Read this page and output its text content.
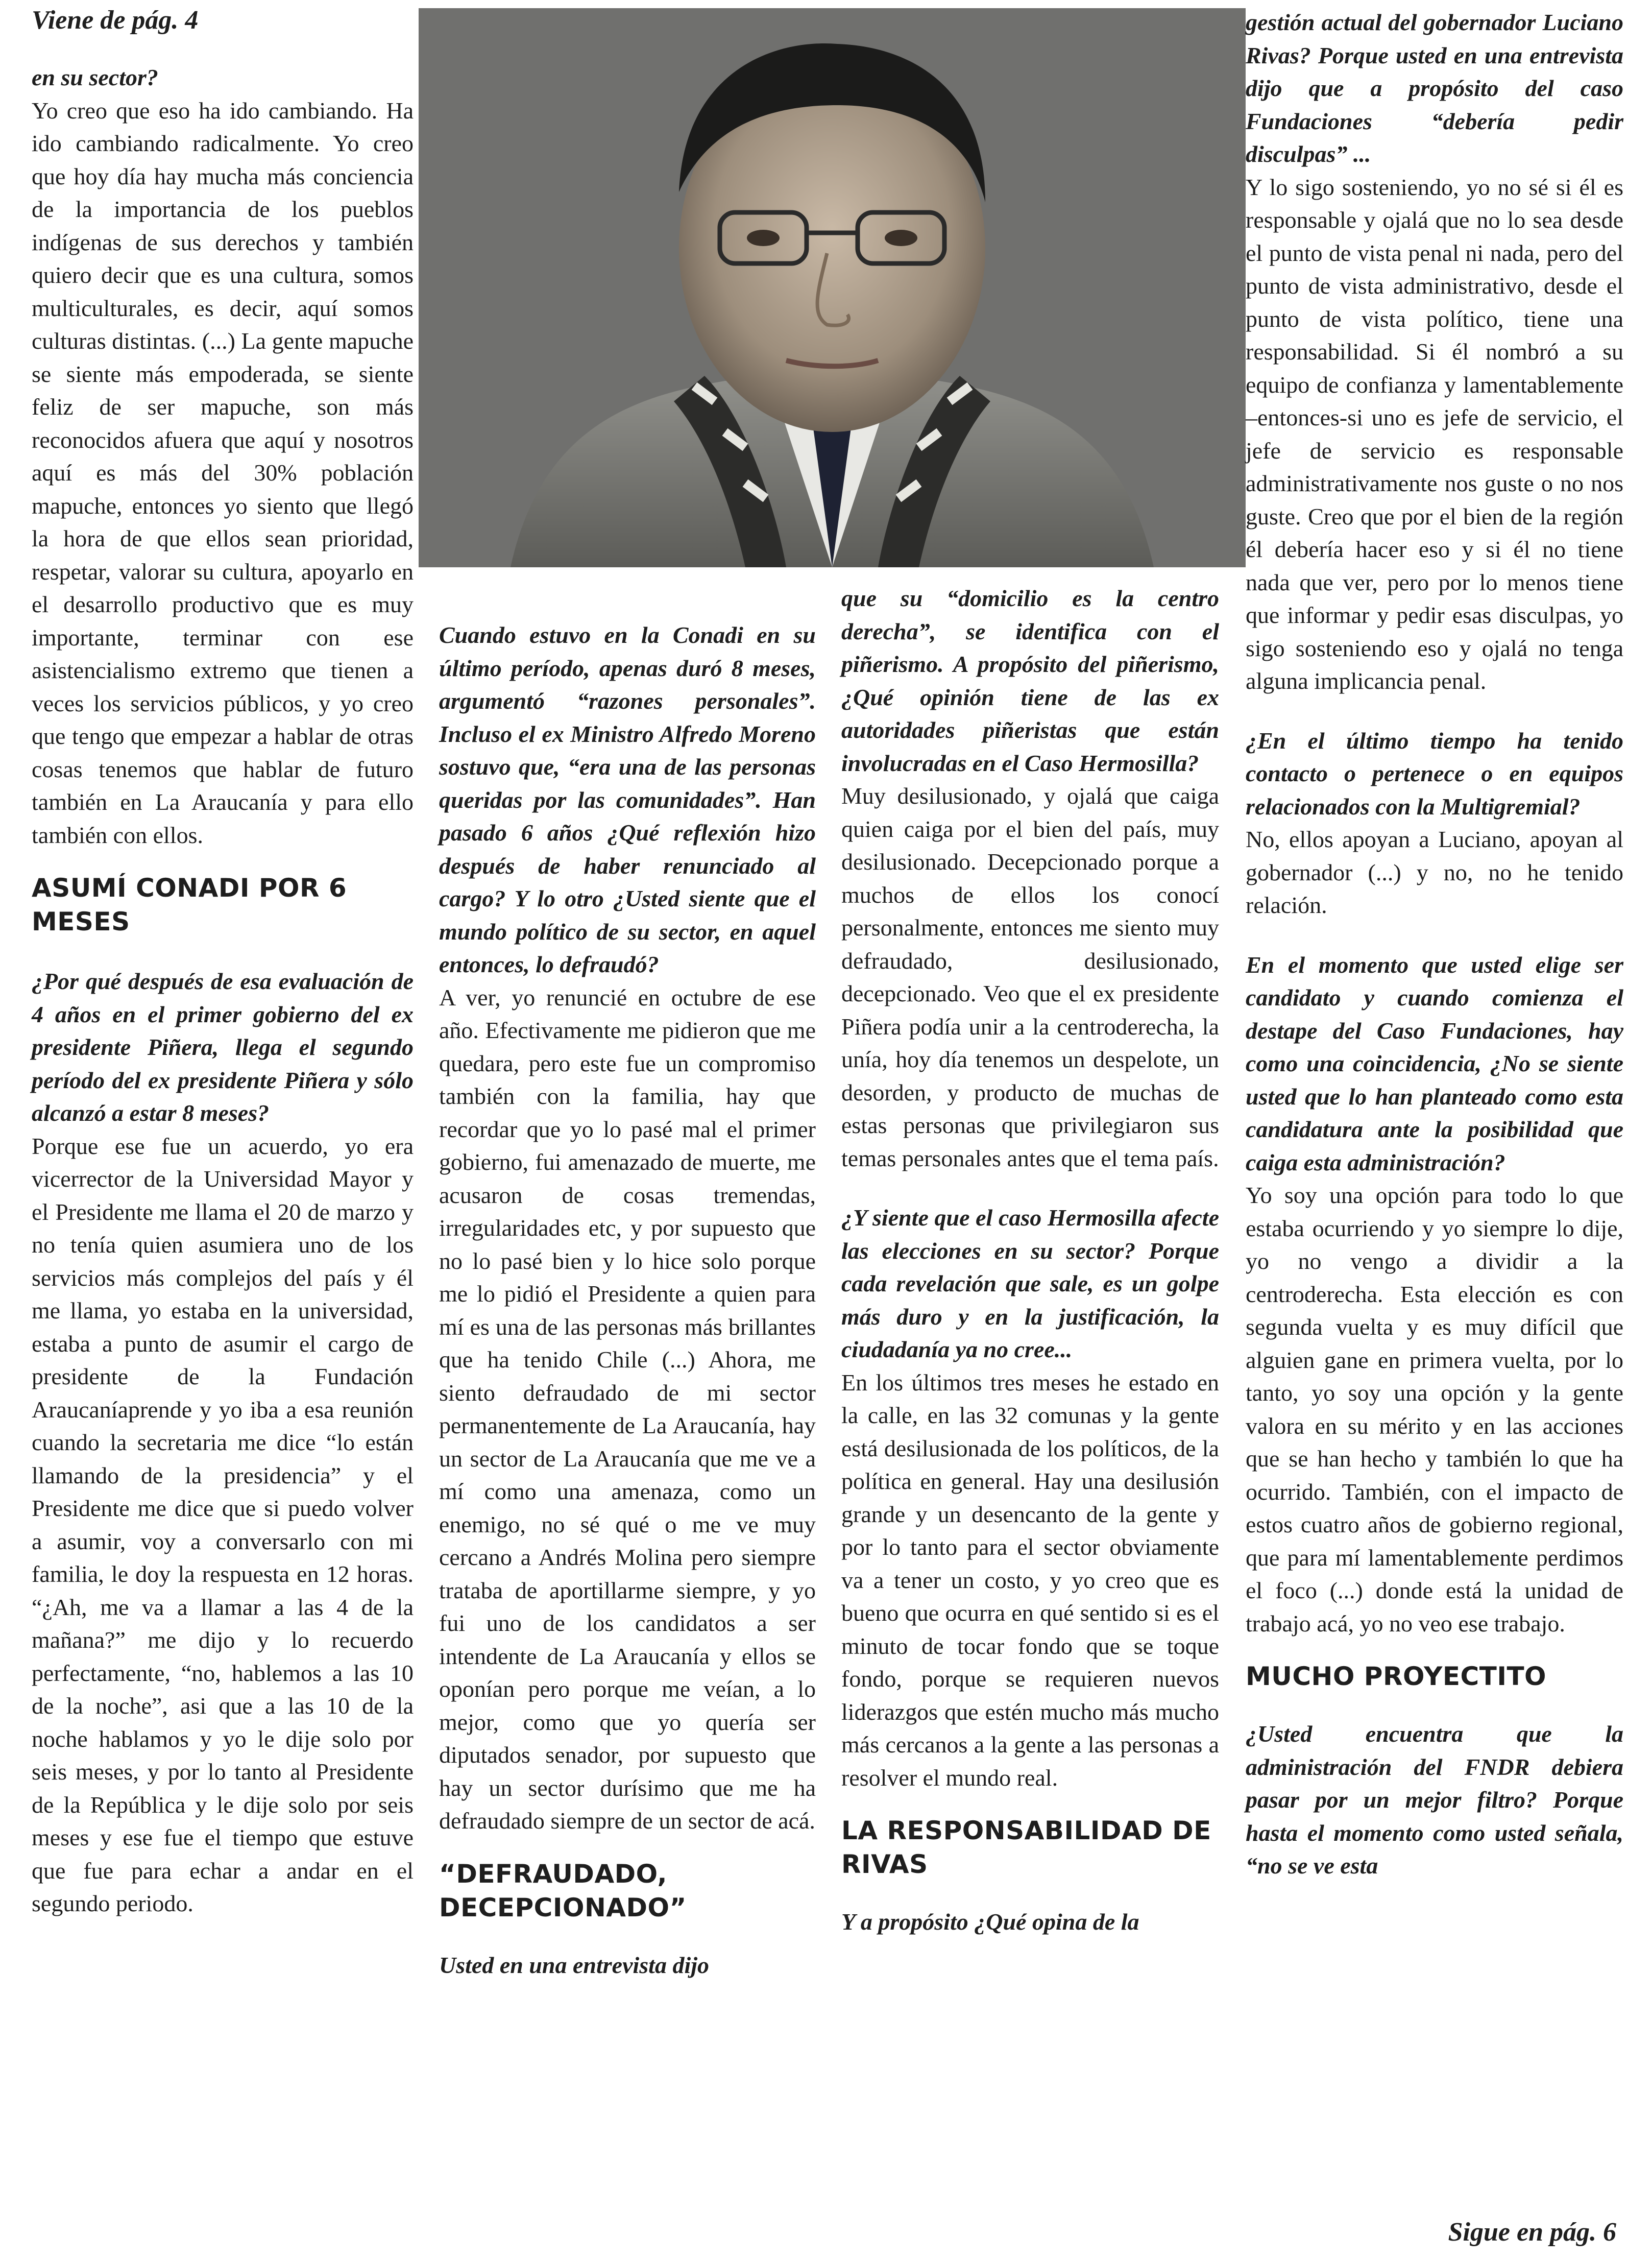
Viene de pág. 4
Sigue en pág. 6

en su sector?

Yo creo que eso ha ido cambiando. Ha ido cambiando radicalmente. Yo creo que hoy día hay mucha más conciencia de la importancia de los pueblos indígenas de sus derechos y también quiero decir que es una cultura, somos multiculturales, es decir, aquí somos culturas distintas. (...) La gente mapuche se siente más empoderada, se siente feliz de ser mapuche, son más reconocidos afuera que aquí y nosotros aquí es más del 30% población mapuche, entonces yo siento que llegó la hora de que ellos sean prioridad, respetar, valorar su cultura, apoyarlo en el desarrollo productivo que es muy importante, terminar con ese asistencialismo extremo que tienen a veces los servicios públicos, y yo creo que tengo que empezar a hablar de otras cosas tenemos que hablar de futuro también en La Araucanía y para ello también con ellos.

ASUMÍ CONADI POR 6 MESES

¿Por qué después de esa evaluación de 4 años en el primer gobierno del ex presidente Piñera, llega el segundo período del ex presidente Piñera y sólo alcanzó a estar 8 meses?

Porque ese fue un acuerdo, yo era vicerrector de la Universidad Mayor y el Presidente me llama el 20 de marzo y no tenía quien asumiera uno de los servicios más complejos del país y él me llama, yo estaba en la universidad, estaba a punto de asumir el cargo de presidente de la Fundación Araucaníaprende y yo iba a esa reunión cuando la secretaria me dice “lo están llamando de la presidencia” y el Presidente me dice que si puedo volver a asumir, voy a conversarlo con mi familia, le doy la respuesta en 12 horas. “¿Ah, me va a llamar a las 4 de la mañana?” me dijo y lo recuerdo perfectamente, “no, hablemos a las 10 de la noche”, asi que a las 10 de la noche hablamos y yo le dije solo por seis meses, y por lo tanto al Presidente de la República y le dije solo por seis meses y ese fue el tiempo que estuve que fue para echar a andar en el segundo periodo.

Cuando estuvo en la Conadi en su último período, apenas duró 8 meses, argumentó “razones personales”. Incluso el ex Ministro Alfredo Moreno sostuvo que, “era una de las personas queridas por las comunidades”. Han pasado 6 años ¿Qué reflexión hizo después de haber renunciado al cargo? Y lo otro ¿Usted siente que el mundo político de su sector, en aquel entonces, lo defraudó?

A ver, yo renuncié en octubre de ese año. Efectivamente me pidieron que me quedara, pero este fue un compromiso también con la familia, hay que recordar que yo lo pasé mal el primer gobierno, fui amenazado de muerte, me acusaron de cosas tremendas, irregularidades etc, y por supuesto que no lo pasé bien y lo hice solo porque me lo pidió el Presidente a quien para mí es una de las personas más brillantes que ha tenido Chile (...) Ahora, me siento defraudado de mi sector permanentemente de La Araucanía, hay un sector de La Araucanía que me ve a mí como una amenaza, como un enemigo, no sé qué o me ve muy cercano a Andrés Molina pero siempre trataba de aportillarme siempre, y yo fui uno de los candidatos a ser intendente de La Araucanía y ellos se oponían pero porque me veían, a lo mejor, como que yo quería ser diputados senador, por supuesto que hay un sector durísimo que me ha defraudado siempre de un sector de acá.

“DEFRAUDADO, DECEPCIONADO”

Usted en una entrevista dijo

que su “domicilio es la centro derecha”, se identifica con el piñerismo. A propósito del piñerismo, ¿Qué opinión tiene de las ex autoridades piñeristas que están involucradas en el Caso Hermosilla?

Muy desilusionado, y ojalá que caiga quien caiga por el bien del país, muy desilusionado. Decepcionado porque a muchos de ellos los conocí personalmente, entonces me siento muy defraudado, desilusionado, decepcionado. Veo que el ex presidente Piñera podía unir a la centroderecha, la unía, hoy día tenemos un despelote, un desorden, y producto de muchas de estas personas que privilegiaron sus temas personales antes que el tema país.

¿Y siente que el caso Hermosilla afecte las elecciones en su sector? Porque cada revelación que sale, es un golpe más duro y en la justificación, la ciudadanía ya no cree...

En los últimos tres meses he estado en la calle, en las 32 comunas y la gente está desilusionada de los políticos, de la política en general. Hay una desilusión grande y un desencanto de la gente y por lo tanto para el sector obviamente va a tener un costo, y yo creo que es bueno que ocurra en qué sentido si es el minuto de tocar fondo que se toque fondo, porque se requieren nuevos liderazgos que estén mucho más mucho más cercanos a la gente a las personas a resolver el mundo real.

LA RESPONSABILIDAD DE RIVAS

Y a propósito ¿Qué opina de la

gestión actual del gobernador Luciano Rivas? Porque usted en una entrevista dijo que a propósito del caso Fundaciones “debería pedir disculpas” ...

Y lo sigo sosteniendo, yo no sé si él es responsable y ojalá que no lo sea desde el punto de vista penal ni nada, pero del punto de vista administrativo, desde el punto de vista político, tiene una responsabilidad. Si él nombró a su equipo de confianza y lamentablemente –entonces-si uno es jefe de servicio, el jefe de servicio es responsable administrativamente nos guste o no nos guste. Creo que por el bien de la región él debería hacer eso y si él no tiene nada que ver, pero por lo menos tiene que informar y pedir esas disculpas, yo sigo sosteniendo eso y ojalá no tenga alguna implicancia penal.

¿En el último tiempo ha tenido contacto o pertenece o en equipos relacionados con la Multigremial?

No, ellos apoyan a Luciano, apoyan al gobernador (...) y no, no he tenido relación.

En el momento que usted elige ser candidato y cuando comienza el destape del Caso Fundaciones, hay como una coincidencia, ¿No se siente usted que lo han planteado como esta candidatura ante la posibilidad que caiga esta administración?

Yo soy una opción para todo lo que estaba ocurriendo y yo siempre lo dije, yo no vengo a dividir a la centroderecha. Esta elección es con segunda vuelta y es muy difícil que alguien gane en primera vuelta, por lo tanto, yo soy una opción y la gente valora en su mérito y en las acciones que se han hecho y también lo que ha ocurrido. También, con el impacto de estos cuatro años de gobierno regional, que para mí lamentablemente perdimos el foco (...) donde está la unidad de trabajo acá, yo no veo ese trabajo.

MUCHO PROYECTITO

¿Usted encuentra que la administración del FNDR debiera pasar por un mejor filtro? Porque hasta el momento como usted señala, “no se ve esta
